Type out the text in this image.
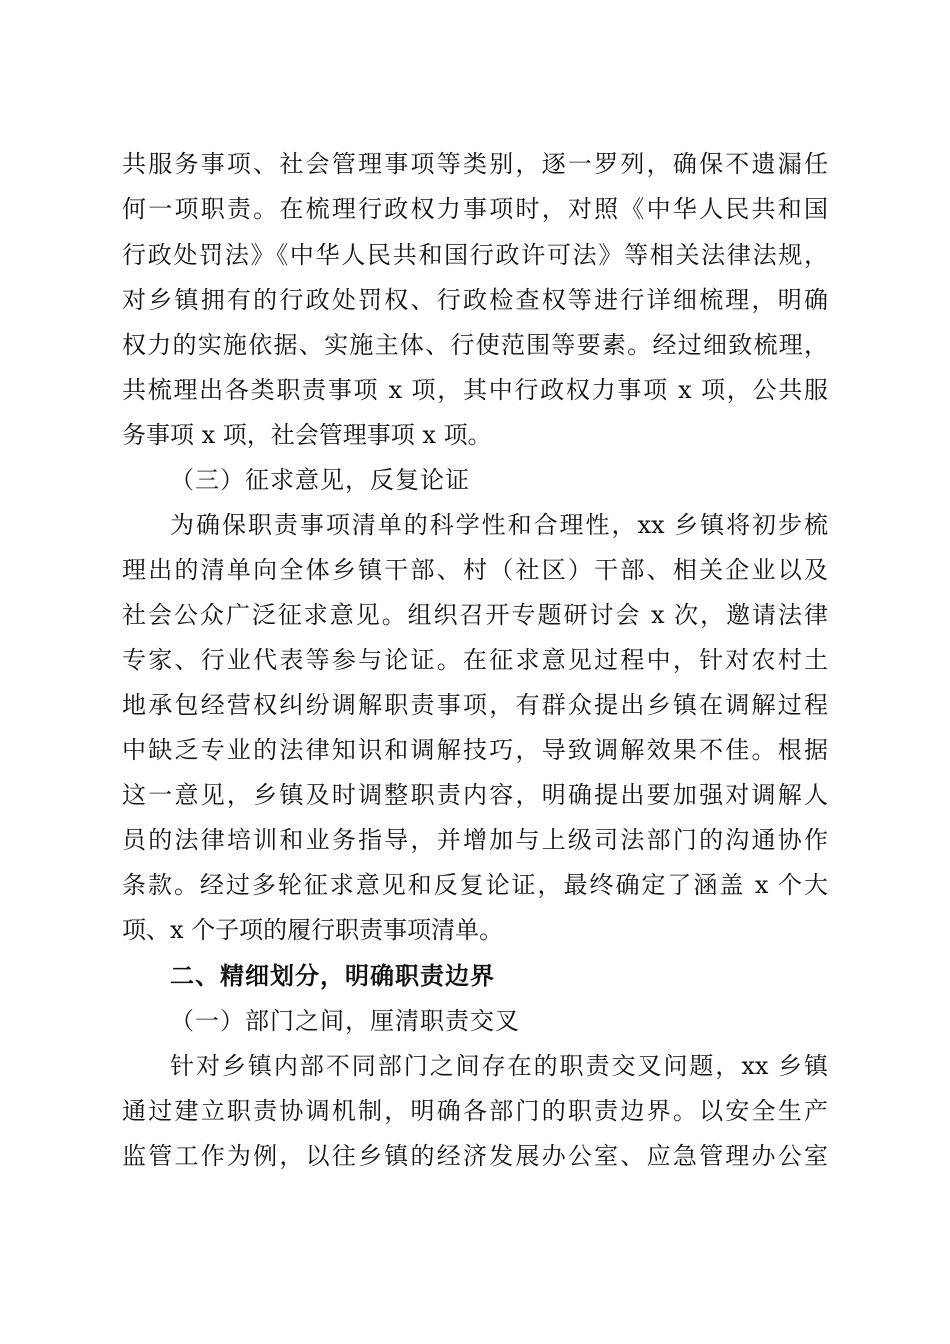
共服务事项、社会管理事项等类别，逐一罗列，确保不遗漏任
何一项职责。在梳理行政权力事项时，对照《中华人民共和国
行政处罚法》《中华人民共和国行政许可法》等相关法律法规，
对乡镇拥有的行政处罚权、行政检查权等进行详细梳理，明确
权力的实施依据、实施主体、行使范围等要素。经过细致梳理，
共梳理出各类职责事项 x 项，其中行政权力事项 x 项，公共服
务事项 x 项，社会管理事项 x 项。
（三）征求意见，反复论证
为确保职责事项清单的科学性和合理性，xx 乡镇将初步梳
理出的清单向全体乡镇干部、村（社区）干部、相关企业以及
社会公众广泛征求意见。组织召开专题研讨会 x 次，邀请法律
专家、行业代表等参与论证。在征求意见过程中，针对农村土
地承包经营权纠纷调解职责事项，有群众提出乡镇在调解过程
中缺乏专业的法律知识和调解技巧，导致调解效果不佳。根据
这一意见，乡镇及时调整职责内容，明确提出要加强对调解人
员的法律培训和业务指导，并增加与上级司法部门的沟通协作
条款。经过多轮征求意见和反复论证，最终确定了涵盖 x 个大
项、x 个子项的履行职责事项清单。
二、精细划分，明确职责边界
（一）部门之间，厘清职责交叉
针对乡镇内部不同部门之间存在的职责交叉问题，xx 乡镇
通过建立职责协调机制，明确各部门的职责边界。以安全生产
监管工作为例，以往乡镇的经济发展办公室、应急管理办公室
